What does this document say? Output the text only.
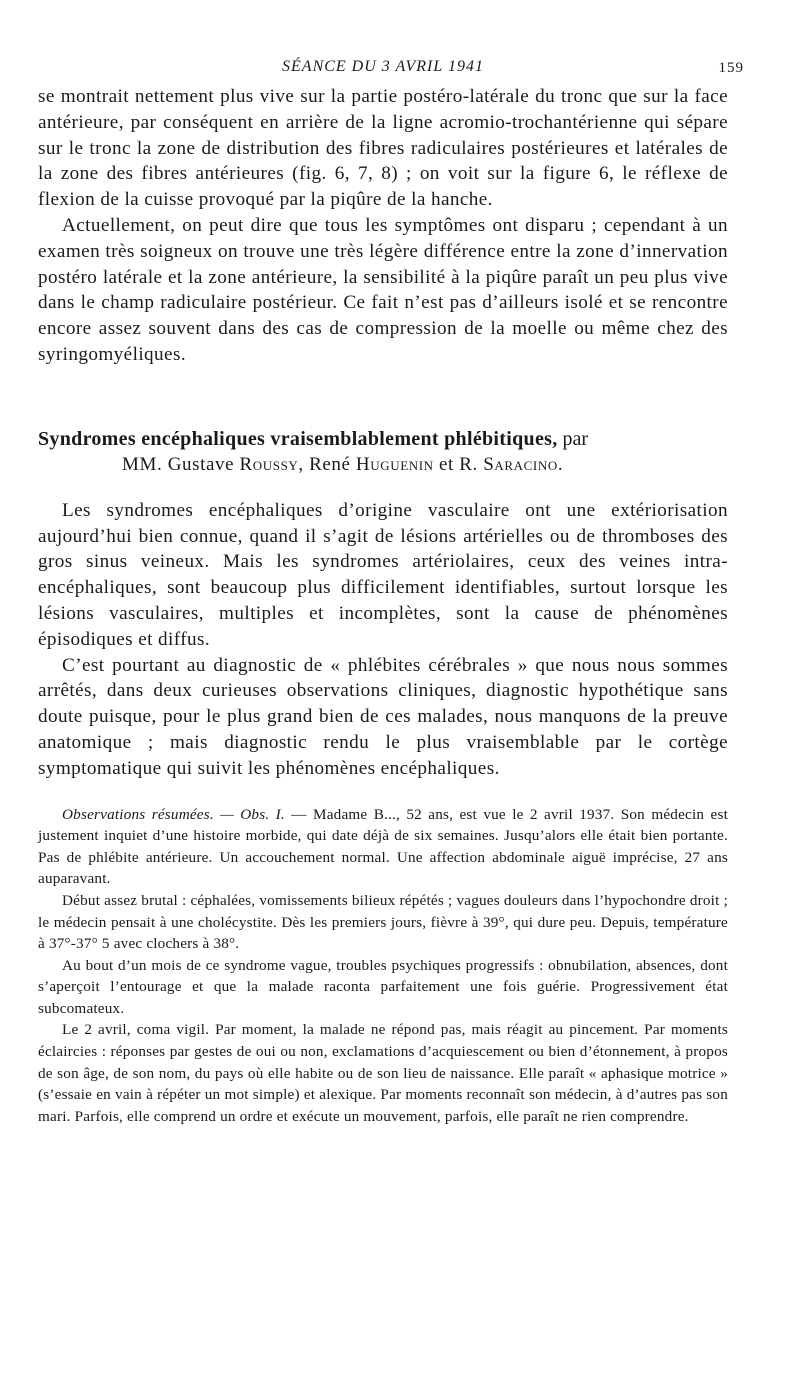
SÉANCE DU 3 AVRIL 1941	159

se montrait nettement plus vive sur la partie postéro-latérale du tronc que sur la face antérieure, par conséquent en arrière de la ligne acromio-trochantérienne qui sépare sur le tronc la zone de distribution des fibres radiculaires postérieures et latérales de la zone des fibres antérieures (fig. 6, 7, 8) ; on voit sur la figure 6, le réflexe de flexion de la cuisse provoqué par la piqûre de la hanche.

Actuellement, on peut dire que tous les symptômes ont disparu ; cependant à un examen très soigneux on trouve une très légère différence entre la zone d’innervation postéro latérale et la zone antérieure, la sensibilité à la piqûre paraît un peu plus vive dans le champ radiculaire postérieur. Ce fait n’est pas d’ailleurs isolé et se rencontre encore assez souvent dans des cas de compression de la moelle ou même chez des syringomyéliques.

Syndromes encéphaliques vraisemblablement phlébitiques, par
MM. Gustave Roussy, René Huguenin et R. Saracino.

Les syndromes encéphaliques d’origine vasculaire ont une extériorisation aujourd’hui bien connue, quand il s’agit de lésions artérielles ou de thromboses des gros sinus veineux. Mais les syndromes artériolaires, ceux des veines intra-encéphaliques, sont beaucoup plus difficilement identifiables, surtout lorsque les lésions vasculaires, multiples et incomplètes, sont la cause de phénomènes épisodiques et diffus.

C’est pourtant au diagnostic de « phlébites cérébrales » que nous nous sommes arrêtés, dans deux curieuses observations cliniques, diagnostic hypothétique sans doute puisque, pour le plus grand bien de ces malades, nous manquons de la preuve anatomique ; mais diagnostic rendu le plus vraisemblable par le cortège symptomatique qui suivit les phénomènes encéphaliques.

Observations résumées. — Obs. I. — Madame B..., 52 ans, est vue le 2 avril 1937. Son médecin est justement inquiet d’une histoire morbide, qui date déjà de six semaines. Jusqu’alors elle était bien portante. Pas de phlébite antérieure. Un accouchement normal. Une affection abdominale aiguë imprécise, 27 ans auparavant.

Début assez brutal : céphalées, vomissements bilieux répétés ; vagues douleurs dans l’hypochondre droit ; le médecin pensait à une cholécystite. Dès les premiers jours, fièvre à 39°, qui dure peu. Depuis, température à 37°-37° 5 avec clochers à 38°.

Au bout d’un mois de ce syndrome vague, troubles psychiques progressifs : obnubilation, absences, dont s’aperçoit l’entourage et que la malade raconta parfaitement une fois guérie. Progressivement état subcomateux.

Le 2 avril, coma vigil. Par moment, la malade ne répond pas, mais réagit au pincement. Par moments éclaircies : réponses par gestes de oui ou non, exclamations d’acquiescement ou bien d’étonnement, à propos de son âge, de son nom, du pays où elle habite ou de son lieu de naissance. Elle paraît « aphasique motrice » (s’essaie en vain à répéter un mot simple) et alexique. Par moments reconnaît son médecin, à d’autres pas son mari. Parfois, elle comprend un ordre et exécute un mouvement, parfois, elle paraît ne rien comprendre.
